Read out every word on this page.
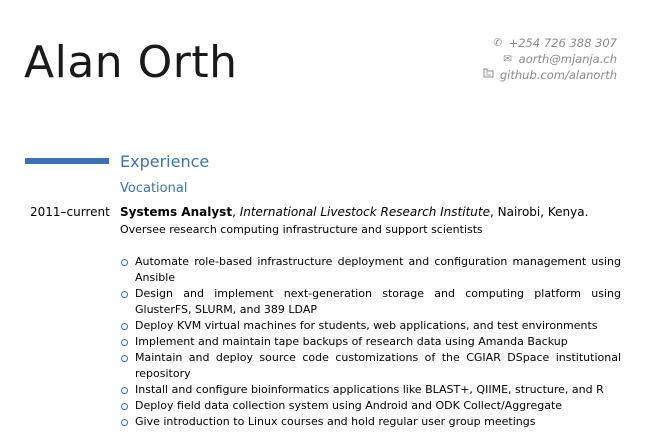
Alan Orth	✆ +254 726 388 307
✉ aorth@mjanja.ch
github.com/alanorth
Experience
Vocational
2011–current Systems Analyst, International Livestock Research Institute, Nairobi, Kenya.
Oversee research computing infrastructure and support scientists
Automate role-based infrastructure deployment and configuration management using Ansible
Design and implement next-generation storage and computing platform using GlusterFS, SLURM, and 389 LDAP
Deploy KVM virtual machines for students, web applications, and test environments
Implement and maintain tape backups of research data using Amanda Backup
Maintain and deploy source code customizations of the CGIAR DSpace institutional repository
Install and configure bioinformatics applications like BLAST+, QIIME, structure, and R
Deploy field data collection system using Android and ODK Collect/Aggregate
Give introduction to Linux courses and hold regular user group meetings
